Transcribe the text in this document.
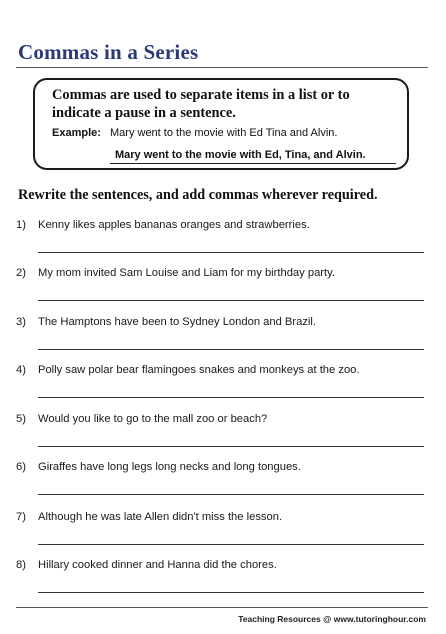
Commas in a Series
Commas are used to separate items in a list or to indicate a pause in a sentence.
Example: Mary went to the movie with Ed Tina and Alvin.
Mary went to the movie with Ed, Tina, and Alvin.
Rewrite the sentences, and add commas wherever required.
1)	Kenny likes apples bananas oranges and strawberries.
2)	My mom invited Sam Louise and Liam for my birthday party.
3)	The Hamptons have been to Sydney London and Brazil.
4)	Polly saw polar bear flamingoes snakes and monkeys at the zoo.
5)	Would you like to go to the mall zoo or beach?
6)	Giraffes have long legs long necks and long tongues.
7)	Although he was late Allen didn't miss the lesson.
8)	Hillary cooked dinner and Hanna did the chores.
Teaching Resources @ www.tutoringhour.com
